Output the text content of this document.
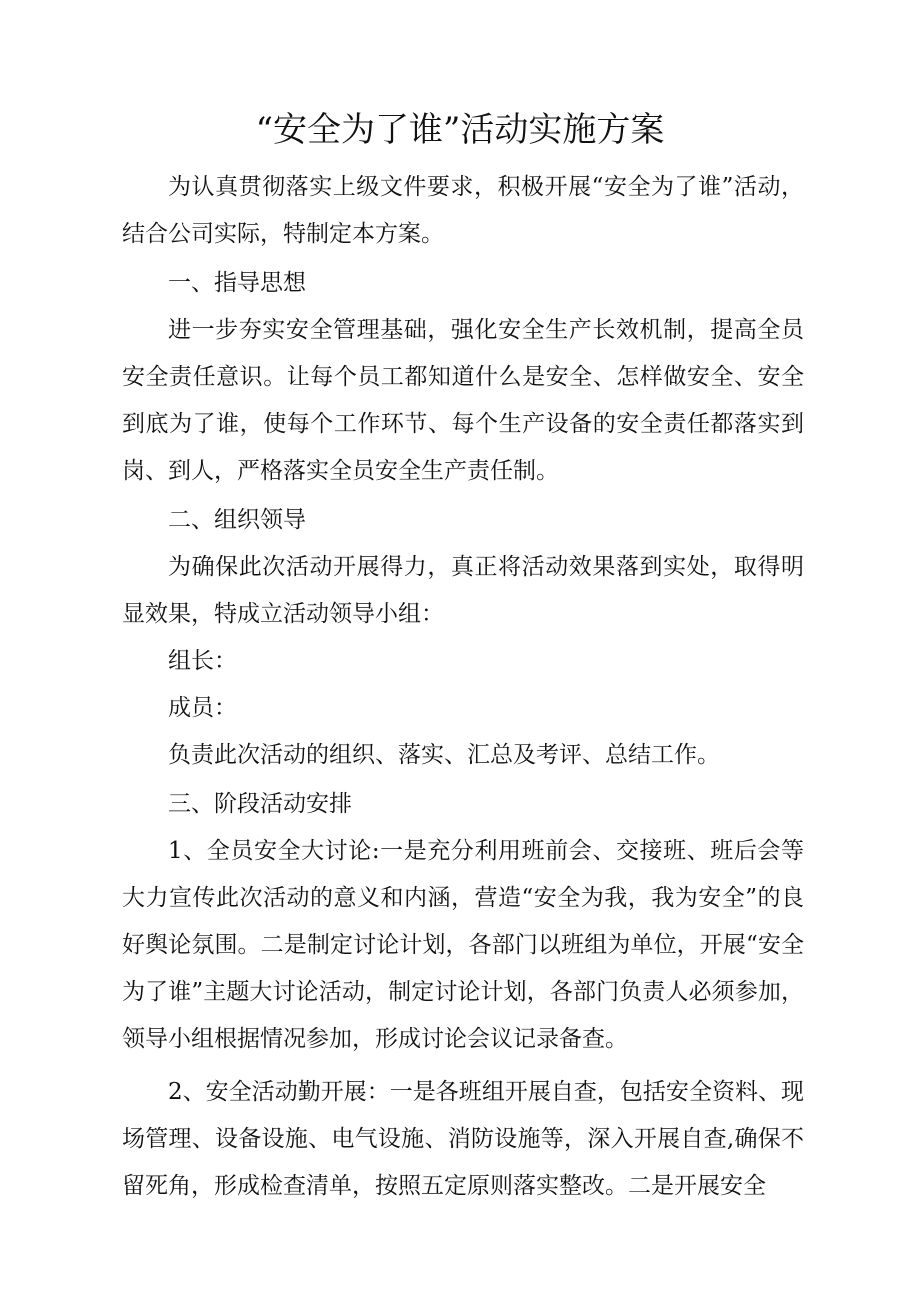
“安全为了谁”活动实施方案

为认真贯彻落实上级文件要求，积极开展“安全为了谁”活动，结合公司实际，特制定本方案。

一、指导思想

进一步夯实安全管理基础，强化安全生产长效机制，提高全员安全责任意识。让每个员工都知道什么是安全、怎样做安全、安全到底为了谁，使每个工作环节、每个生产设备的安全责任都落实到岗、到人，严格落实全员安全生产责任制。

二、组织领导

为确保此次活动开展得力，真正将活动效果落到实处，取得明显效果，特成立活动领导小组：

组长：

成员：

负责此次活动的组织、落实、汇总及考评、总结工作。

三、阶段活动安排

1、全员安全大讨论:一是充分利用班前会、交接班、班后会等大力宣传此次活动的意义和内涵，营造“安全为我，我为安全”的良好舆论氛围。二是制定讨论计划，各部门以班组为单位，开展“安全为了谁”主题大讨论活动，制定讨论计划，各部门负责人必须参加，领导小组根据情况参加，形成讨论会议记录备查。

2、安全活动勤开展：一是各班组开展自查，包括安全资料、现场管理、设备设施、电气设施、消防设施等，深入开展自查,确保不留死角，形成检查清单，按照五定原则落实整改。二是开展安全
